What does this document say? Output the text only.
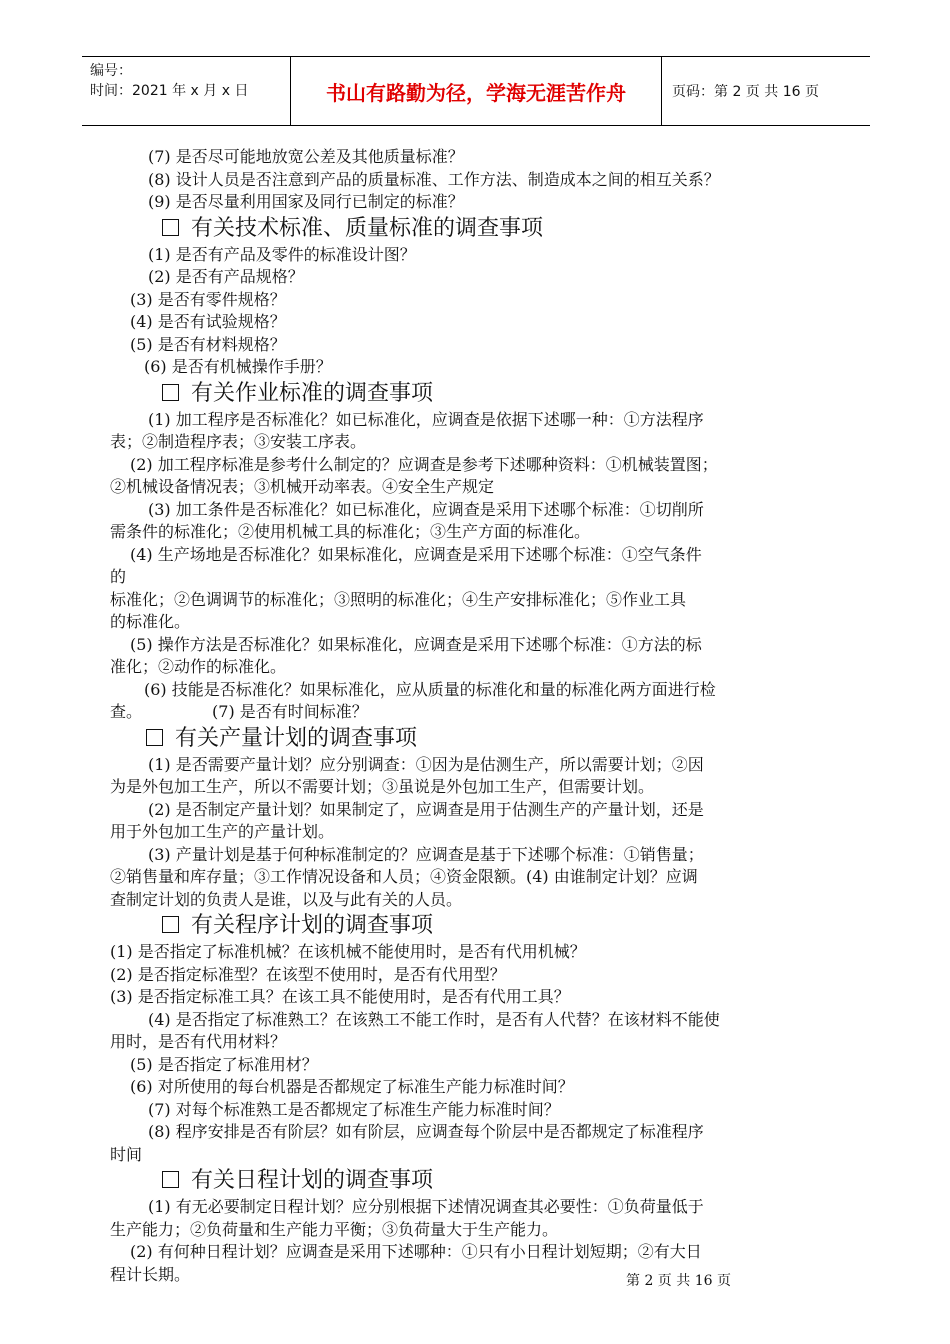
编号：
时间：2021 年 x 月 x 日	书山有路勤为径，学海无涯苦作舟	页码：第 2 页 共 16 页
(7) 是否尽可能地放宽公差及其他质量标准？
(8) 设计人员是否注意到产品的质量标准、工作方法、制造成本之间的相互关系？
(9) 是否尽量利用国家及同行已制定的标准？
有关技术标准、质量标准的调查事项
(1) 是否有产品及零件的标准设计图？
(2) 是否有产品规格？
(3) 是否有零件规格？
(4) 是否有试验规格？
(5) 是否有材料规格？
(6) 是否有机械操作手册？
有关作业标准的调查事项
(1) 加工程序是否标准化？如已标准化，应调查是依据下述哪一种：①方法程序
表；②制造程序表；③安装工序表。
(2) 加工程序标准是参考什么制定的？应调查是参考下述哪种资料：①机械装置图；
②机械设备情况表；③机械开动率表。④安全生产规定
(3) 加工条件是否标准化？如已标准化，应调查是采用下述哪个标准：①切削所
需条件的标准化；②使用机械工具的标准化；③生产方面的标准化。
(4) 生产场地是否标准化？如果标准化，应调查是采用下述哪个标准：①空气条件
的
标准化；②色调调节的标准化；③照明的标准化；④生产安排标准化；⑤作业工具
的标准化。
(5) 操作方法是否标准化？如果标准化，应调查是采用下述哪个标准：①方法的标
准化；②动作的标准化。
(6) 技能是否标准化？如果标准化，应从质量的标准化和量的标准化两方面进行检
查。	(7) 是否有时间标准？
有关产量计划的调查事项
(1) 是否需要产量计划？应分别调查：①因为是估测生产，所以需要计划；②因
为是外包加工生产，所以不需要计划；③虽说是外包加工生产，但需要计划。
(2) 是否制定产量计划？如果制定了，应调查是用于估测生产的产量计划，还是
用于外包加工生产的产量计划。
(3) 产量计划是基于何种标准制定的？应调查是基于下述哪个标准：①销售量；
②销售量和库存量；③工作情况设备和人员；④资金限额。(4) 由谁制定计划？应调
查制定计划的负责人是谁，以及与此有关的人员。
有关程序计划的调查事项
(1) 是否指定了标准机械？在该机械不能使用时，是否有代用机械？
(2) 是否指定标准型？在该型不使用时，是否有代用型？
(3) 是否指定标准工具？在该工具不能使用时，是否有代用工具？
(4) 是否指定了标准熟工？在该熟工不能工作时，是否有人代替？在该材料不能使
用时，是否有代用材料？
(5) 是否指定了标准用材？
(6) 对所使用的每台机器是否都规定了标准生产能力标准时间？
(7) 对每个标准熟工是否都规定了标准生产能力标准时间？
(8) 程序安排是否有阶层？如有阶层，应调查每个阶层中是否都规定了标准程序
时间
有关日程计划的调查事项
(1) 有无必要制定日程计划？应分别根据下述情况调查其必要性：①负荷量低于
生产能力；②负荷量和生产能力平衡；③负荷量大于生产能力。
(2) 有何种日程计划？应调查是采用下述哪种：①只有小日程计划短期；②有大日
程计长期。	第 2 页 共 16 页
